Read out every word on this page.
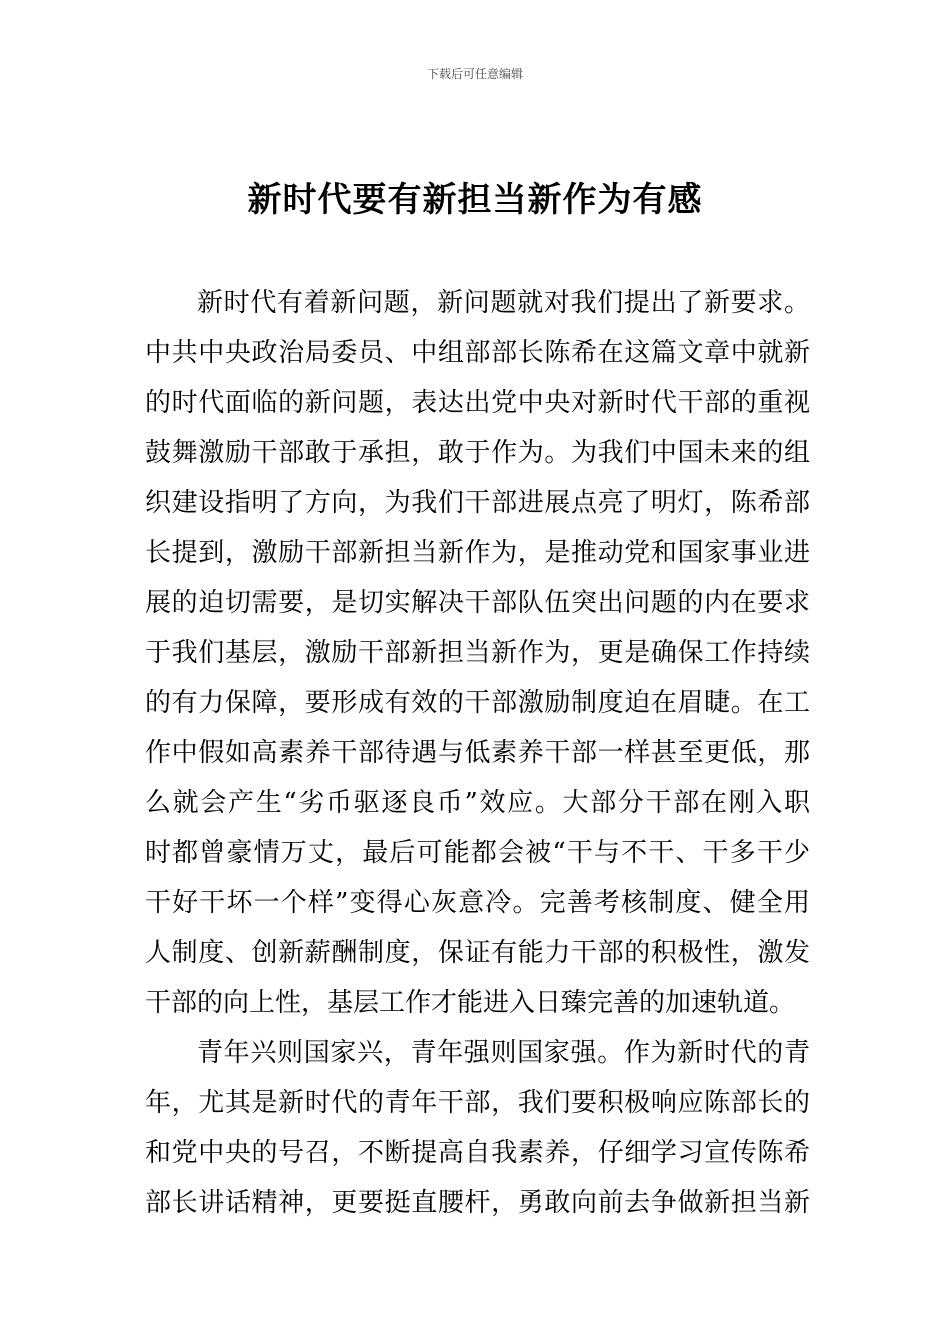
下载后可任意编辑
新时代要有新担当新作为有感
新时代有着新问题，新问题就对我们提出了新要求。
中共中央政治局委员、中组部部长陈希在这篇文章中就新
的时代面临的新问题，表达出党中央对新时代干部的重视
鼓舞激励干部敢于承担，敢于作为。为我们中国未来的组
织建设指明了方向，为我们干部进展点亮了明灯，陈希部
长提到，激励干部新担当新作为，是推动党和国家事业进
展的迫切需要，是切实解决干部队伍突出问题的内在要求
于我们基层，激励干部新担当新作为，更是确保工作持续
的有力保障，要形成有效的干部激励制度迫在眉睫。在工
作中假如高素养干部待遇与低素养干部一样甚至更低，那
么就会产生“劣币驱逐良币”效应。大部分干部在刚入职
时都曾豪情万丈，最后可能都会被“干与不干、干多干少
干好干坏一个样”变得心灰意冷。完善考核制度、健全用
人制度、创新薪酬制度，保证有能力干部的积极性，激发
干部的向上性，基层工作才能进入日臻完善的加速轨道。
青年兴则国家兴，青年强则国家强。作为新时代的青
年，尤其是新时代的青年干部，我们要积极响应陈部长的
和党中央的号召，不断提高自我素养，仔细学习宣传陈希
部长讲话精神，更要挺直腰杆，勇敢向前去争做新担当新
